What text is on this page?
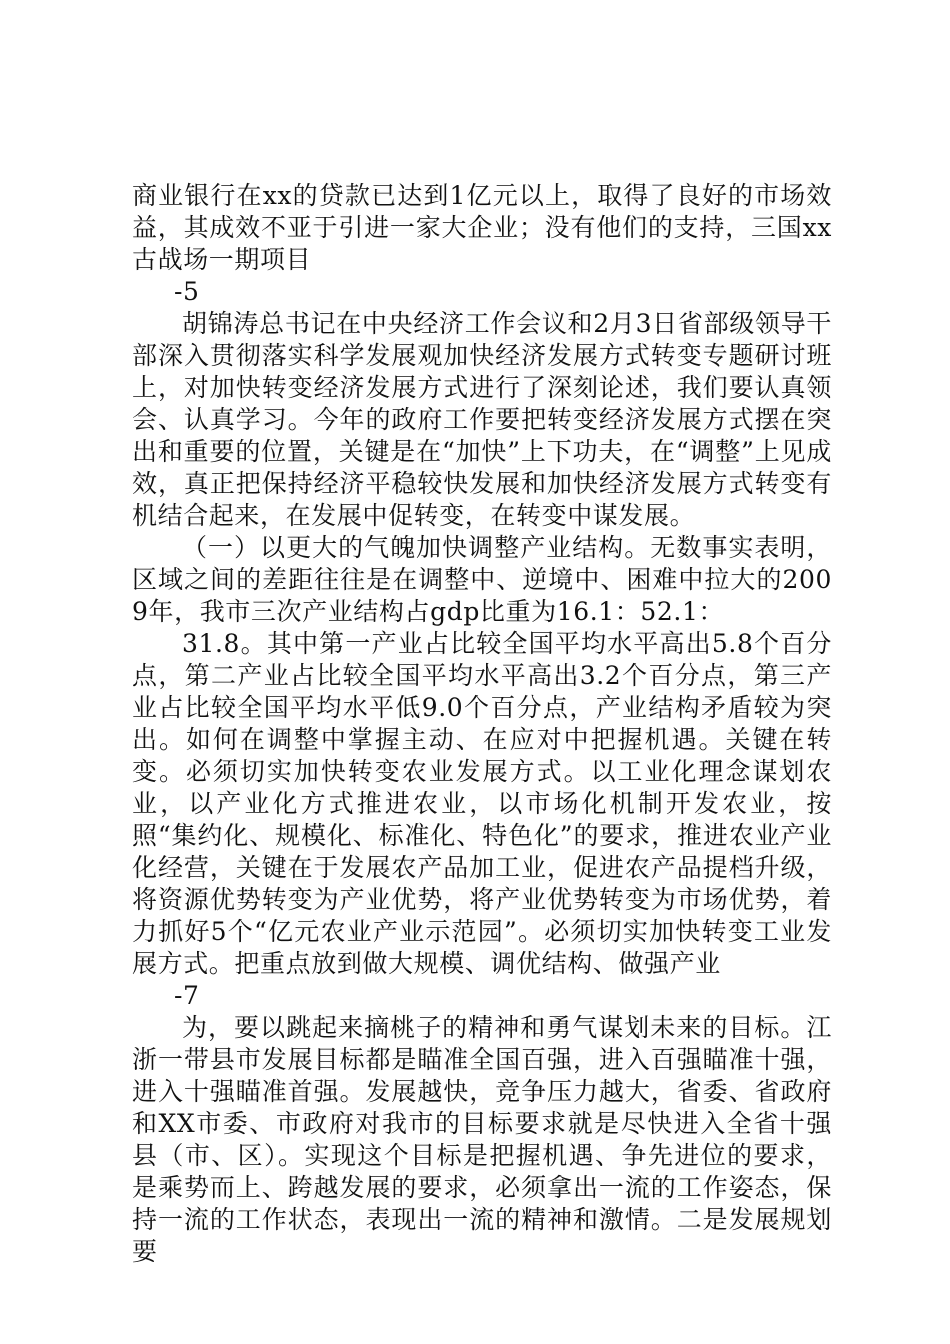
商业银行在xx的贷款已达到1亿元以上，取得了良好的市场效益，其成效不亚于引进一家大企业；没有他们的支持，三国xx古战场一期项目

-5

胡锦涛总书记在中央经济工作会议和2月3日省部级领导干部深入贯彻落实科学发展观加快经济发展方式转变专题研讨班上，对加快转变经济发展方式进行了深刻论述，我们要认真领会、认真学习。今年的政府工作要把转变经济发展方式摆在突出和重要的位置，关键是在“加快”上下功夫，在“调整”上见成效，真正把保持经济平稳较快发展和加快经济发展方式转变有机结合起来，在发展中促转变，在转变中谋发展。

（一）以更大的气魄加快调整产业结构。无数事实表明，区域之间的差距往往是在调整中、逆境中、困难中拉大的2009年，我市三次产业结构占gdp比重为16.1：52.1：

31.8。其中第一产业占比较全国平均水平高出5.8个百分点，第二产业占比较全国平均水平高出3.2个百分点，第三产业占比较全国平均水平低9.0个百分点，产业结构矛盾较为突出。如何在调整中掌握主动、在应对中把握机遇。关键在转变。必须切实加快转变农业发展方式。以工业化理念谋划农业，以产业化方式推进农业，以市场化机制开发农业，按照“集约化、规模化、标准化、特色化”的要求，推进农业产业化经营，关键在于发展农产品加工业，促进农产品提档升级，将资源优势转变为产业优势，将产业优势转变为市场优势，着力抓好5个“亿元农业产业示范园”。必须切实加快转变工业发展方式。把重点放到做大规模、调优结构、做强产业

-7

为，要以跳起来摘桃子的精神和勇气谋划未来的目标。江浙一带县市发展目标都是瞄准全国百强，进入百强瞄准十强，进入十强瞄准首强。发展越快，竞争压力越大，省委、省政府和XX市委、市政府对我市的目标要求就是尽快进入全省十强县（市、区）。实现这个目标是把握机遇、争先进位的要求，是乘势而上、跨越发展的要求，必须拿出一流的工作姿态，保持一流的工作状态，表现出一流的精神和激情。二是发展规划要
